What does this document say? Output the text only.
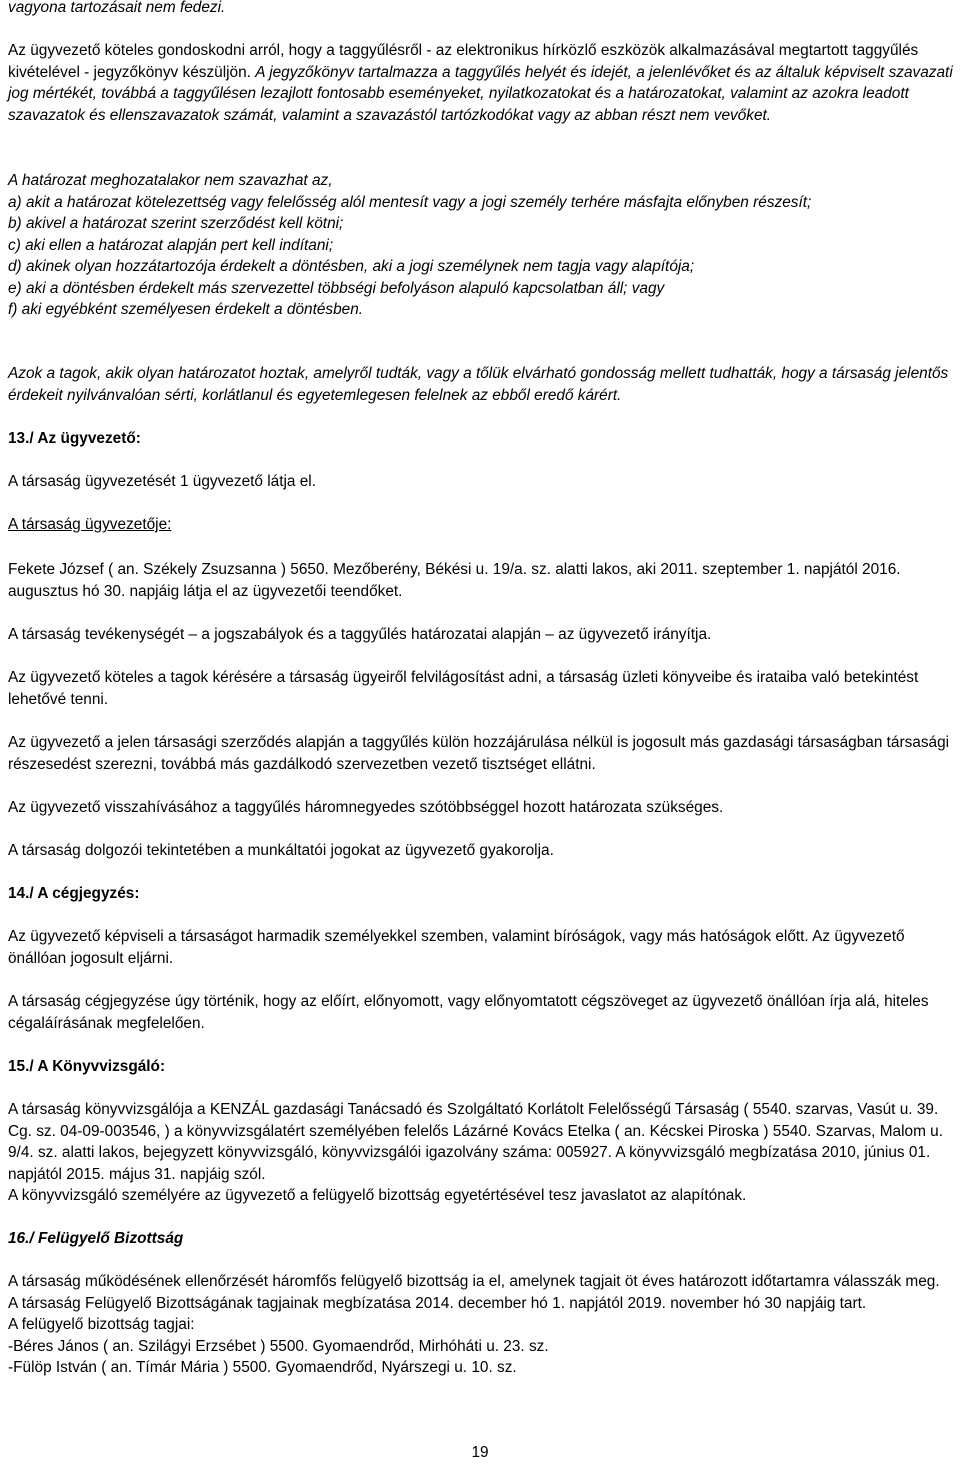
vagyona tartozásait nem fedezi.

Az ügyvezető köteles gondoskodni arról, hogy a taggyűlésről - az elektronikus hírközlő eszközök alkalmazásával megtartott taggyűlés kivételével - jegyzőkönyv készüljön. A jegyzőkönyv tartalmazza a taggyűlés helyét és idejét, a jelenlévőket és az általuk képviselt szavazati jog mértékét, továbbá a taggyűlésen lezajlott fontosabb eseményeket, nyilatkozatokat és a határozatokat, valamint az azokra leadott szavazatok és ellenszavazatok számát, valamint a szavazástól tartózkodókat vagy az abban részt nem vevőket.

A határozat meghozatalakor nem szavazhat az,
a) akit a határozat kötelezettség vagy felelősség alól mentesít vagy a jogi személy terhére másfajta előnyben részesít;
b) akivel a határozat szerint szerződést kell kötni;
c) aki ellen a határozat alapján pert kell indítani;
d) akinek olyan hozzátartozója érdekelt a döntésben, aki a jogi személynek nem tagja vagy alapítója;
e) aki a döntésben érdekelt más szervezettel többségi befolyáson alapuló kapcsolatban áll; vagy
f) aki egyébként személyesen érdekelt a döntésben.

Azok a tagok, akik olyan határozatot hoztak, amelyről tudták, vagy a tőlük elvárható gondosság mellett tudhatták, hogy a társaság jelentős érdekeit nyilvánvalóan sérti, korlátlanul és egyetemlegesen felelnek az ebből eredő kárért.

13./ Az ügyvezető:

A társaság ügyvezetését 1 ügyvezető látja el.

A társaság ügyvezetője:

Fekete József ( an. Székely Zsuzsanna ) 5650. Mezőberény, Békési u. 19/a. sz. alatti lakos, aki 2011. szeptember 1. napjától 2016. augusztus hó 30. napjáig látja el az ügyvezetői teendőket.

A társaság tevékenységét – a jogszabályok és a taggyűlés határozatai alapján – az ügyvezető irányítja.

Az ügyvezető köteles a tagok kérésére a társaság ügyeiről felvilágosítást adni, a társaság üzleti könyveibe és irataiba való betekintést lehetővé tenni.

Az ügyvezető a jelen társasági szerződés alapján a taggyűlés külön hozzájárulása nélkül is jogosult más gazdasági társaságban társasági részesedést szerezni, továbbá más gazdálkodó szervezetben vezető tisztséget ellátni.

Az ügyvezető visszahívásához a taggyűlés háromnegyedes szótöbbséggel hozott határozata szükséges.

A társaság dolgozói tekintetében a munkáltatói jogokat az ügyvezető gyakorolja.

14./ A cégjegyzés:

Az ügyvezető képviseli a társaságot harmadik személyekkel szemben, valamint bíróságok, vagy más hatóságok előtt. Az ügyvezető önállóan jogosult eljárni.

A társaság cégjegyzése úgy történik, hogy az előírt, előnyomott, vagy előnyomtatott cégszöveget az ügyvezető önállóan írja alá, hiteles cégaláírásának megfelelően.

15./ A Könyvvizsgáló:

A társaság könyvvizsgálója a KENZÁL gazdasági Tanácsadó és Szolgáltató Korlátolt Felelősségű Társaság ( 5540. szarvas, Vasút u. 39. Cg. sz. 04-09-003546, ) a könyvvizsgálatért személyében felelős Lázárné Kovács Etelka ( an. Kécskei Piroska ) 5540. Szarvas, Malom u. 9/4. sz. alatti lakos, bejegyzett könyvvizsgáló, könyvvizsgálói igazolvány száma: 005927. A könyvvizsgáló megbízatása 2010, június 01. napjától 2015. május 31. napjáig szól.

A könyvvizsgáló személyére az ügyvezető a felügyelő bizottság egyetértésével tesz javaslatot az alapítónak.

16./ Felügyelő Bizottság

A társaság működésének ellenőrzését háromfős felügyelő bizottság ia el, amelynek tagjait öt éves határozott időtartamra válasszák meg.
A társaság Felügyelő Bizottságának tagjainak megbízatása 2014. december hó 1. napjától 2019. november hó 30 napjáig tart.
A felügyelő bizottság tagjai:
-Béres János ( an. Szilágyi Erzsébet ) 5500. Gyomaendrőd, Mirhóháti u. 23. sz.
-Fülöp István ( an. Tímár Mária ) 5500. Gyomaendrőd, Nyárszegi u. 10. sz.
19
